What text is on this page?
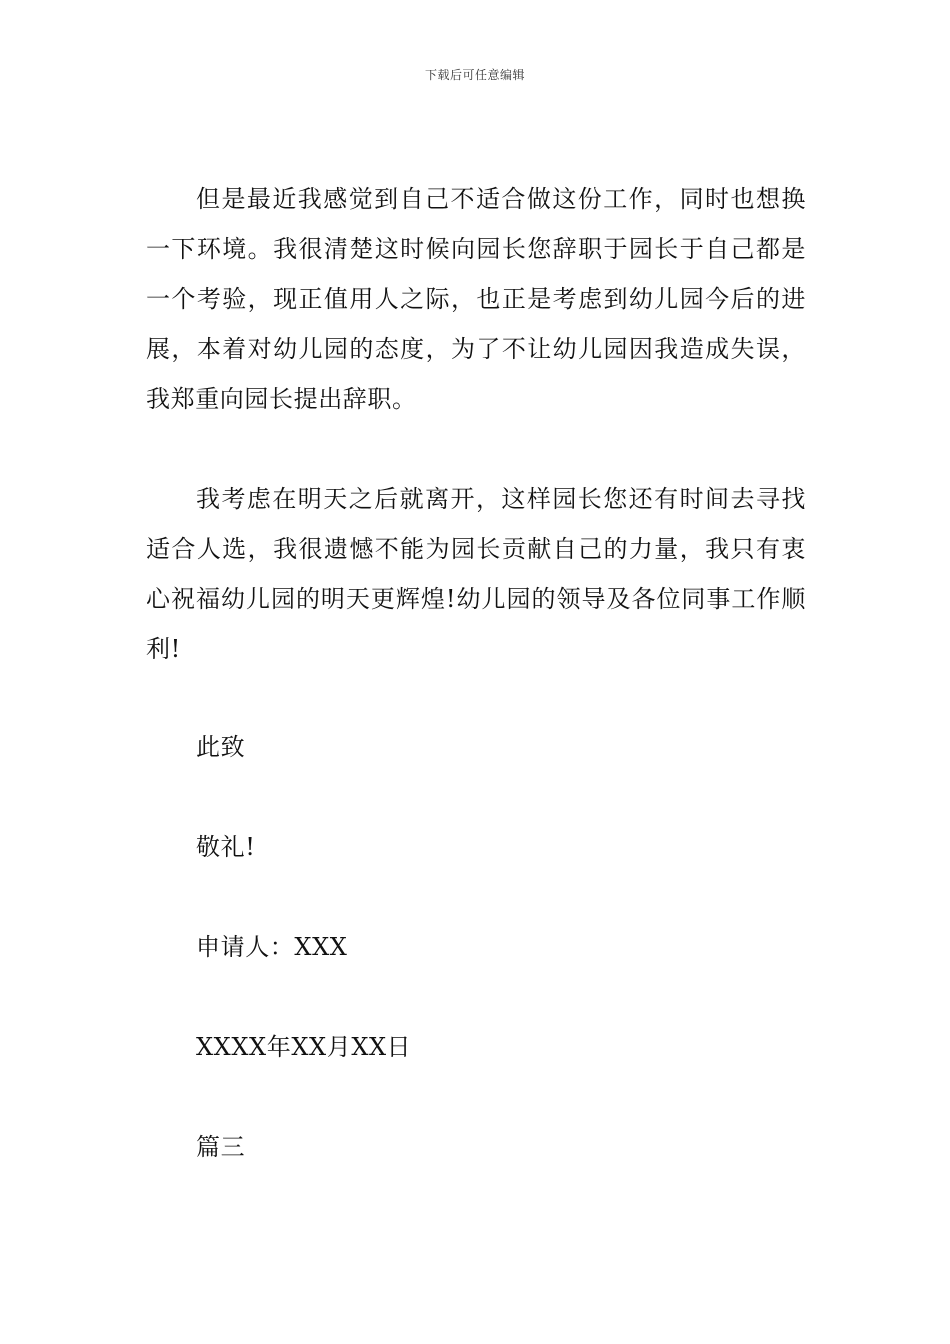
下载后可任意编辑

但是最近我感觉到自己不适合做这份工作，同时也想换一下环境。我很清楚这时候向园长您辞职于园长于自己都是一个考验，现正值用人之际，也正是考虑到幼儿园今后的进展，本着对幼儿园的态度，为了不让幼儿园因我造成失误，我郑重向园长提出辞职。

我考虑在明天之后就离开，这样园长您还有时间去寻找适合人选，我很遗憾不能为园长贡献自己的力量，我只有衷心祝福幼儿园的明天更辉煌!幼儿园的领导及各位同事工作顺利!

此致

敬礼!

申请人：XXX

XXXX年XX月XX日

篇三
